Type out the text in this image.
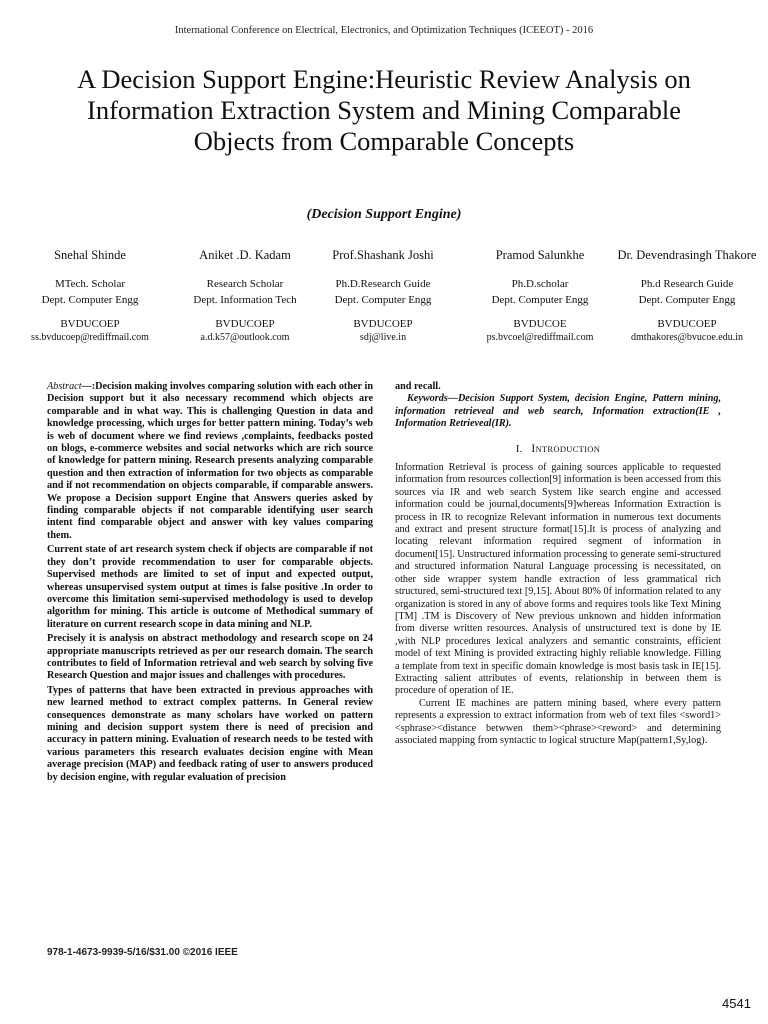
International Conference on Electrical, Electronics, and Optimization Techniques (ICEEOT) - 2016
A Decision Support Engine:Heuristic Review Analysis on Information Extraction System and Mining Comparable Objects from Comparable Concepts
(Decision Support Engine)
Snehal Shinde
MTech. Scholar
Dept. Computer Engg
BVDUCOEP
ss.bvducoep@rediffmail.com
Aniket .D. Kadam
Research Scholar
Dept. Information Tech
BVDUCOEP
a.d.k57@outlook.com
Prof.Shashank Joshi
Ph.D.Research Guide
Dept. Computer Engg
BVDUCOEP
sdj@live.in
Pramod Salunkhe
Ph.D.scholar
Dept. Computer Engg
BVDUCOE
ps.bvcoel@rediffmail.com
Dr. Devendrasingh Thakore
Ph.d Research Guide
Dept. Computer Engg
BVDUCOEP
dmthakores@bvucoe.edu.in

Abstract—:Decision making involves comparing solution with each other in Decision support but it also necessary recommend which objects are comparable and in what way. This is challenging Question in data and knowledge processing, which urges for better pattern mining. Today’s web is web of document where we find reviews ,complaints, feedbacks posted on blogs, e-commerce websites and social networks which are rich source of knowledge for pattern mining. Research presents analyzing comparable question and then extraction of information for two objects as comparable and if not recommendation on objects comparable, if comparable answers. We propose a Decision support Engine that Answers queries asked by finding comparable objects if not comparable identifying user search intent find comparable object and answer with key values comparing them.

Current state of art research system check if objects are comparable if not they don’t provide recommendation to user for comparable objects. Supervised methods are limited to set of input and expected output, whereas unsupervised system output at times is false positive .In order to overcome this limitation semi-supervised methodology is used to develop algorithm for mining. This article is outcome of Methodical summary of literature on current research scope in data mining and NLP.

Precisely it is analysis on abstract methodology and research scope on 24 appropriate manuscripts retrieved as per our research domain. The search contributes to field of Information retrieval and web search by solving five Research Question and major issues and challenges with procedures.

Types of patterns that have been extracted in previous approaches with new learned method to extract complex patterns. In General review consequences demonstrate as many scholars have worked on pattern mining and decision support system there is need of precision and accuracy in pattern mining. Evaluation of research needs to be tested with various parameters this research evaluates decision engine with Mean average precision (MAP) and feedback rating of user to answers produced by decision engine, with regular evaluation of precision

and recall.

Keywords—Decision Support System, decision Engine, Pattern mining, information retrieveal and web search, Information extraction(IE , Information Retrieveal(IR).

I. INTRODUCTION

Information Retrieval is process of gaining sources applicable to requested information from resources collection[9] information is been accessed from this sources via IR and web search System like search engine and accessed information could be journal,documents[9]whereas Information Extraction is process in IR to recognize Relevant information in numerous text documents and extract and present structure format[15].It is process of analyzing and locating relevant information required segment of information in document[15]. Unstructured information processing to generate semi-structured and structured information Natural Language processing is necessitated, on other side wrapper system handle extraction of less grammatical rich structured, semi-structured text [9,15]. About 80% 0f information related to any organization is stored in any of above forms and requires tools like Text Mining [TM] .TM is Discovery of New previous unknown and hidden information from diverse written resources. Analysis of unstructured text is done by IE ,with NLP procedures lexical analyzers and semantic constraints, efficient model of text Mining is provided extracting highly reliable knowledge. Filling a template from text in specific domain knowledge is most basis task in IE[15]. Extracting salient attributes of events, relationship in between them is procedure of operation of IE.

Current IE machines are pattern mining based, where every pattern represents a expression to extract information from web of text files <sword1><sphrase><distance betwwen them><phrase><reword> and determining associated mapping from syntactic to logical structure Map(pattern1,Sy,log).

978-1-4673-9939-5/16/$31.00 ©2016 IEEE
4541
